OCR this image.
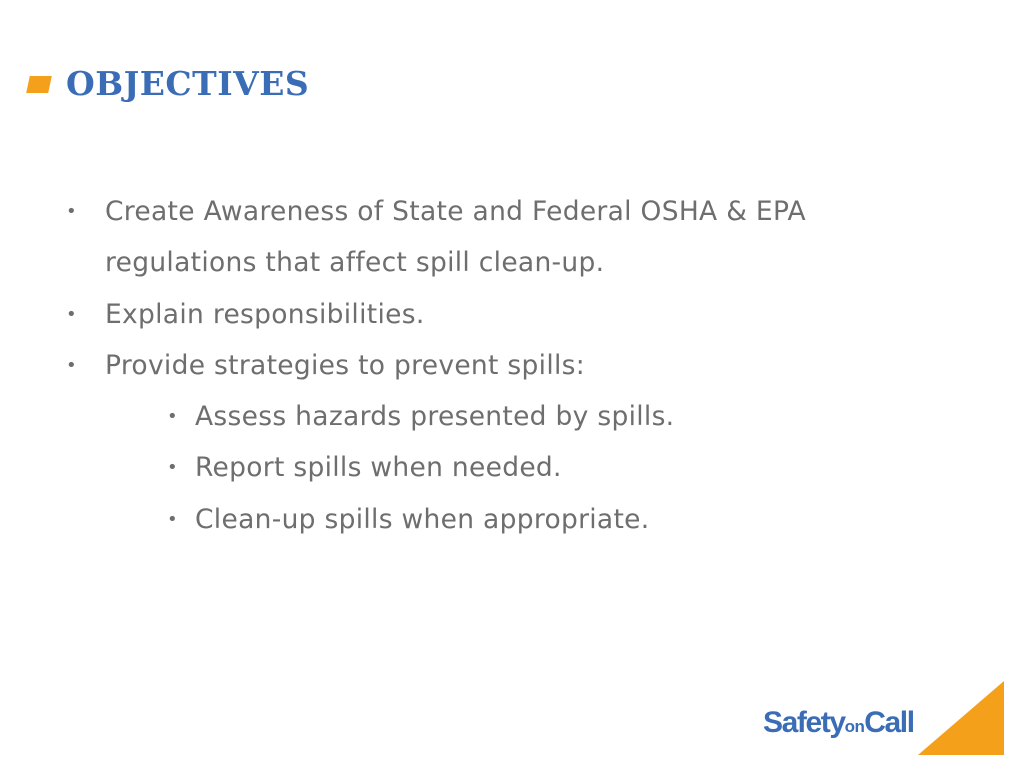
OBJECTIVES
• Create Awareness of State and Federal OSHA & EPA regulations that affect spill clean-up.
• Explain responsibilities.
• Provide strategies to prevent spills:
• Assess hazards presented by spills.
• Report spills when needed.
• Clean-up spills when appropriate.
SafetyonCall
